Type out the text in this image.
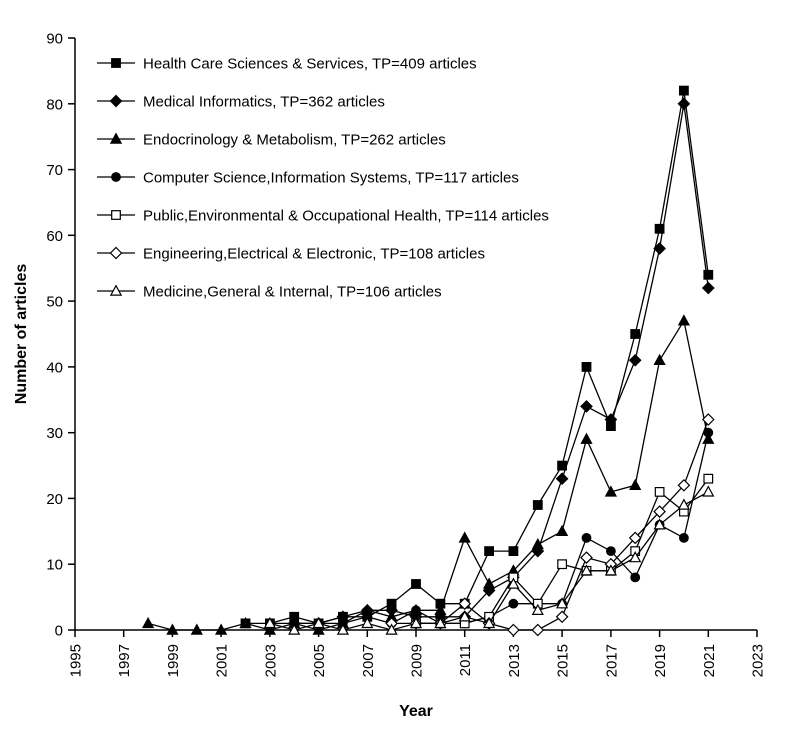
0
10
20
30
40
50
60
70
80
90
1995 1997 1999 2001 2003 2005 2007 2009 2011 2013 2015 2017 2019 2021 2023
Health Care Sciences & Services, TP=409 articles
Medical Informatics, TP=362 articles
Endocrinology & Metabolism, TP=262 articles
Computer Science,Information Systems, TP=117 articles
Public,Environmental & Occupational Health, TP=114 articles
Engineering,Electrical & Electronic, TP=108 articles
Medicine,General & Internal, TP=106 articles
Number of articles
Year
